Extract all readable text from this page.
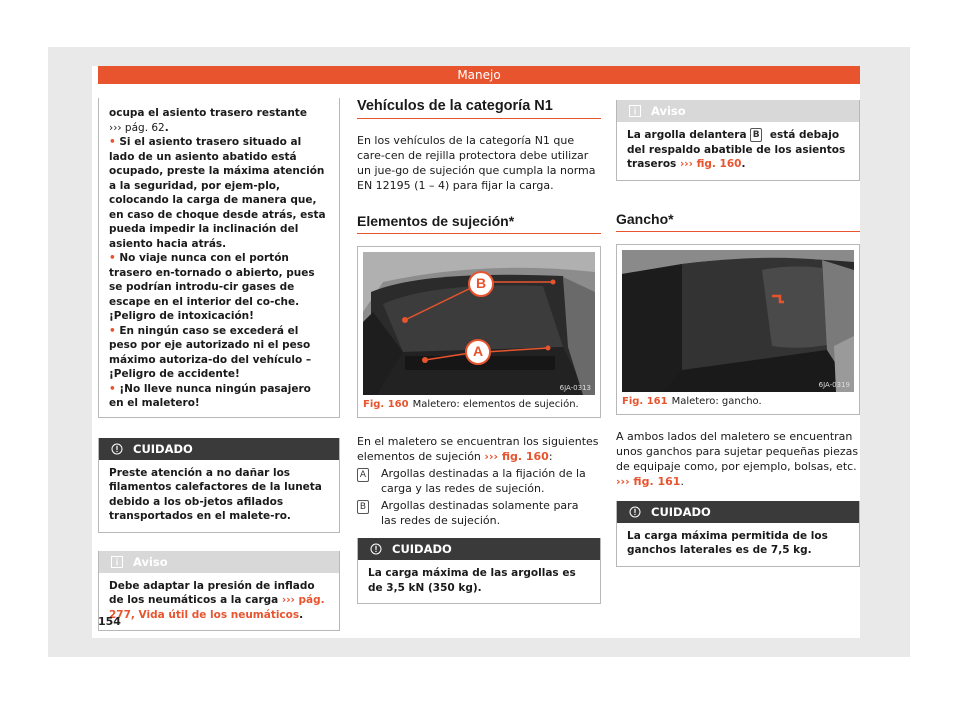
Manejo

ocupa el asiento trasero restante
››› pág. 62.

• Si el asiento trasero situado al lado de un asiento abatido está ocupado, preste la máxima atención a la seguridad, por ejem-plo, colocando la carga de manera que, en caso de choque desde atrás, esta pueda impedir la inclinación del asiento hacia atrás.

• No viaje nunca con el portón trasero en-tornado o abierto, pues se podrían introdu-cir gases de escape en el interior del co-che. ¡Peligro de intoxicación!

• En ningún caso se excederá el peso por eje autorizado ni el peso máximo autoriza-do del vehículo – ¡Peligro de accidente!

• ¡No lleve nunca ningún pasajero en el maletero!

CUIDADO

Preste atención a no dañar los filamentos calefactores de la luneta debido a los ob-jetos afilados transportados en el malete-ro.

Aviso

Debe adaptar la presión de inflado de los neumáticos a la carga ››› pág. 277, Vida útil de los neumáticos.

Vehículos de la categoría N1

En los vehículos de la categoría N1 que care-cen de rejilla protectora debe utilizar un jue-go de sujeción que cumpla la norma EN 12195 (1 – 4) para fijar la carga.

Elementos de sujeción*
B
A
6JA-0313

Fig. 160 Maletero: elementos de sujeción.

En el maletero se encuentran los siguientes elementos de sujeción ››› fig. 160:

A Argollas destinadas a la fijación de la carga y las redes de sujeción.

B Argollas destinadas solamente para las redes de sujeción.

CUIDADO

La carga máxima de las argollas es de 3,5 kN (350 kg).

Aviso

La argolla delantera B está debajo del respaldo abatible de los asientos traseros ››› fig. 160.

Gancho*
6JA-0319

Fig. 161 Maletero: gancho.

A ambos lados del maletero se encuentran unos ganchos para sujetar pequeñas piezas de equipaje como, por ejemplo, bolsas, etc. ››› fig. 161.

CUIDADO

La carga máxima permitida de los ganchos laterales es de 7,5 kg.

154
